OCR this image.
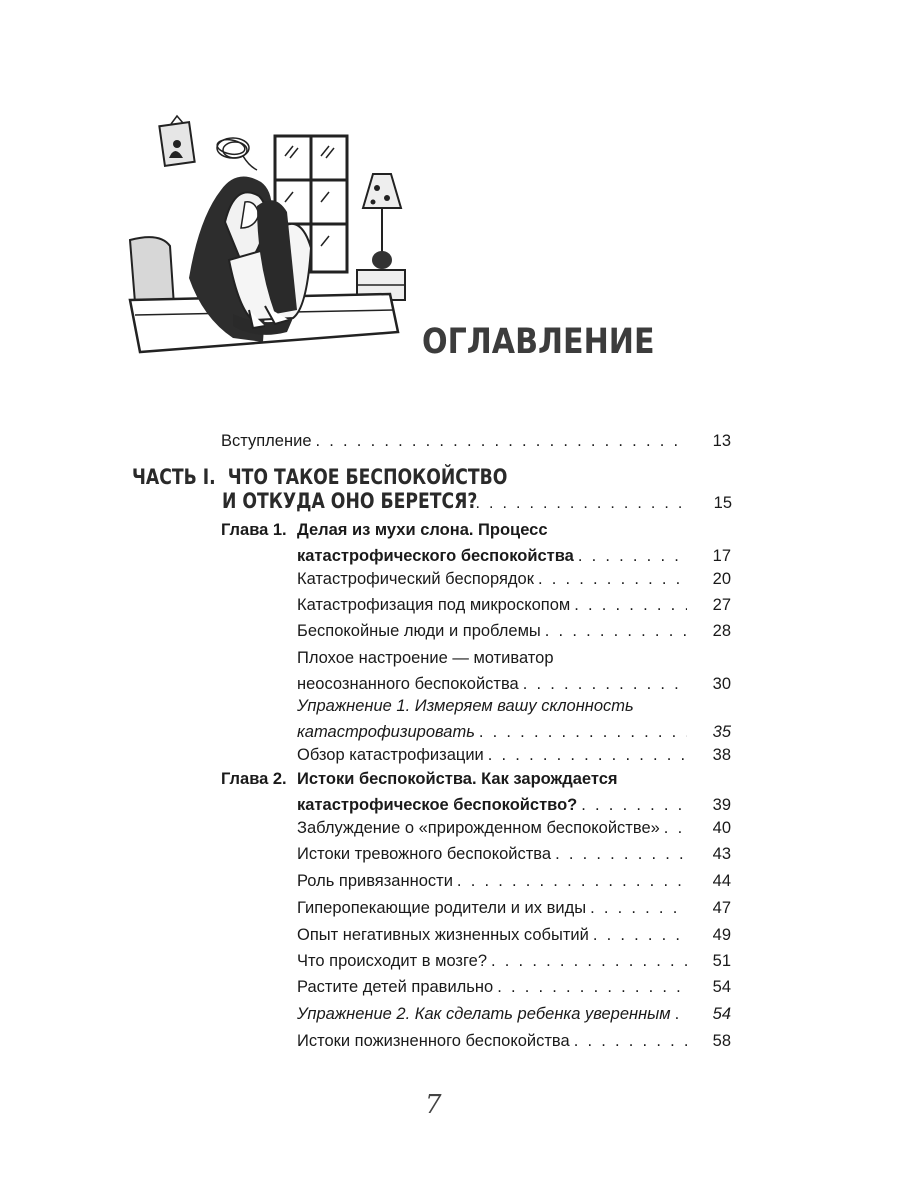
ОГЛАВЛЕНИЕ
Вступление . . .	13
ЧАСТЬ I. ЧТО ТАКОЕ БЕСПОКОЙСТВО
И ОТКУДА ОНО БЕРЕТСЯ? . . .	15
Глава 1. Делая из мухи слона. Процесс
катастрофического беспокойства . . .	17
Катастрофический беспорядок . . .	20
Катастрофизация под микроскопом . . .	27
Беспокойные люди и проблемы . . .	28
Плохое настроение — мотиватор
неосознанного беспокойства . . .	30
Упражнение 1. Измеряем вашу склонность
катастрофизировать . . .	35
Обзор катастрофизации . . .	38
Глава 2. Истоки беспокойства. Как зарождается
катастрофическое беспокойство? . . .	39
Заблуждение о «прирожденном беспокойстве» . . .	40
Истоки тревожного беспокойства . . .	43
Роль привязанности . . .	44
Гиперопекающие родители и их виды . . .	47
Опыт негативных жизненных событий . . .	49
Что происходит в мозге? . . .	51
Растите детей правильно . . .	54
Упражнение 2. Как сделать ребенка уверенным . . .	54
Истоки пожизненного беспокойства . . .	58
7
